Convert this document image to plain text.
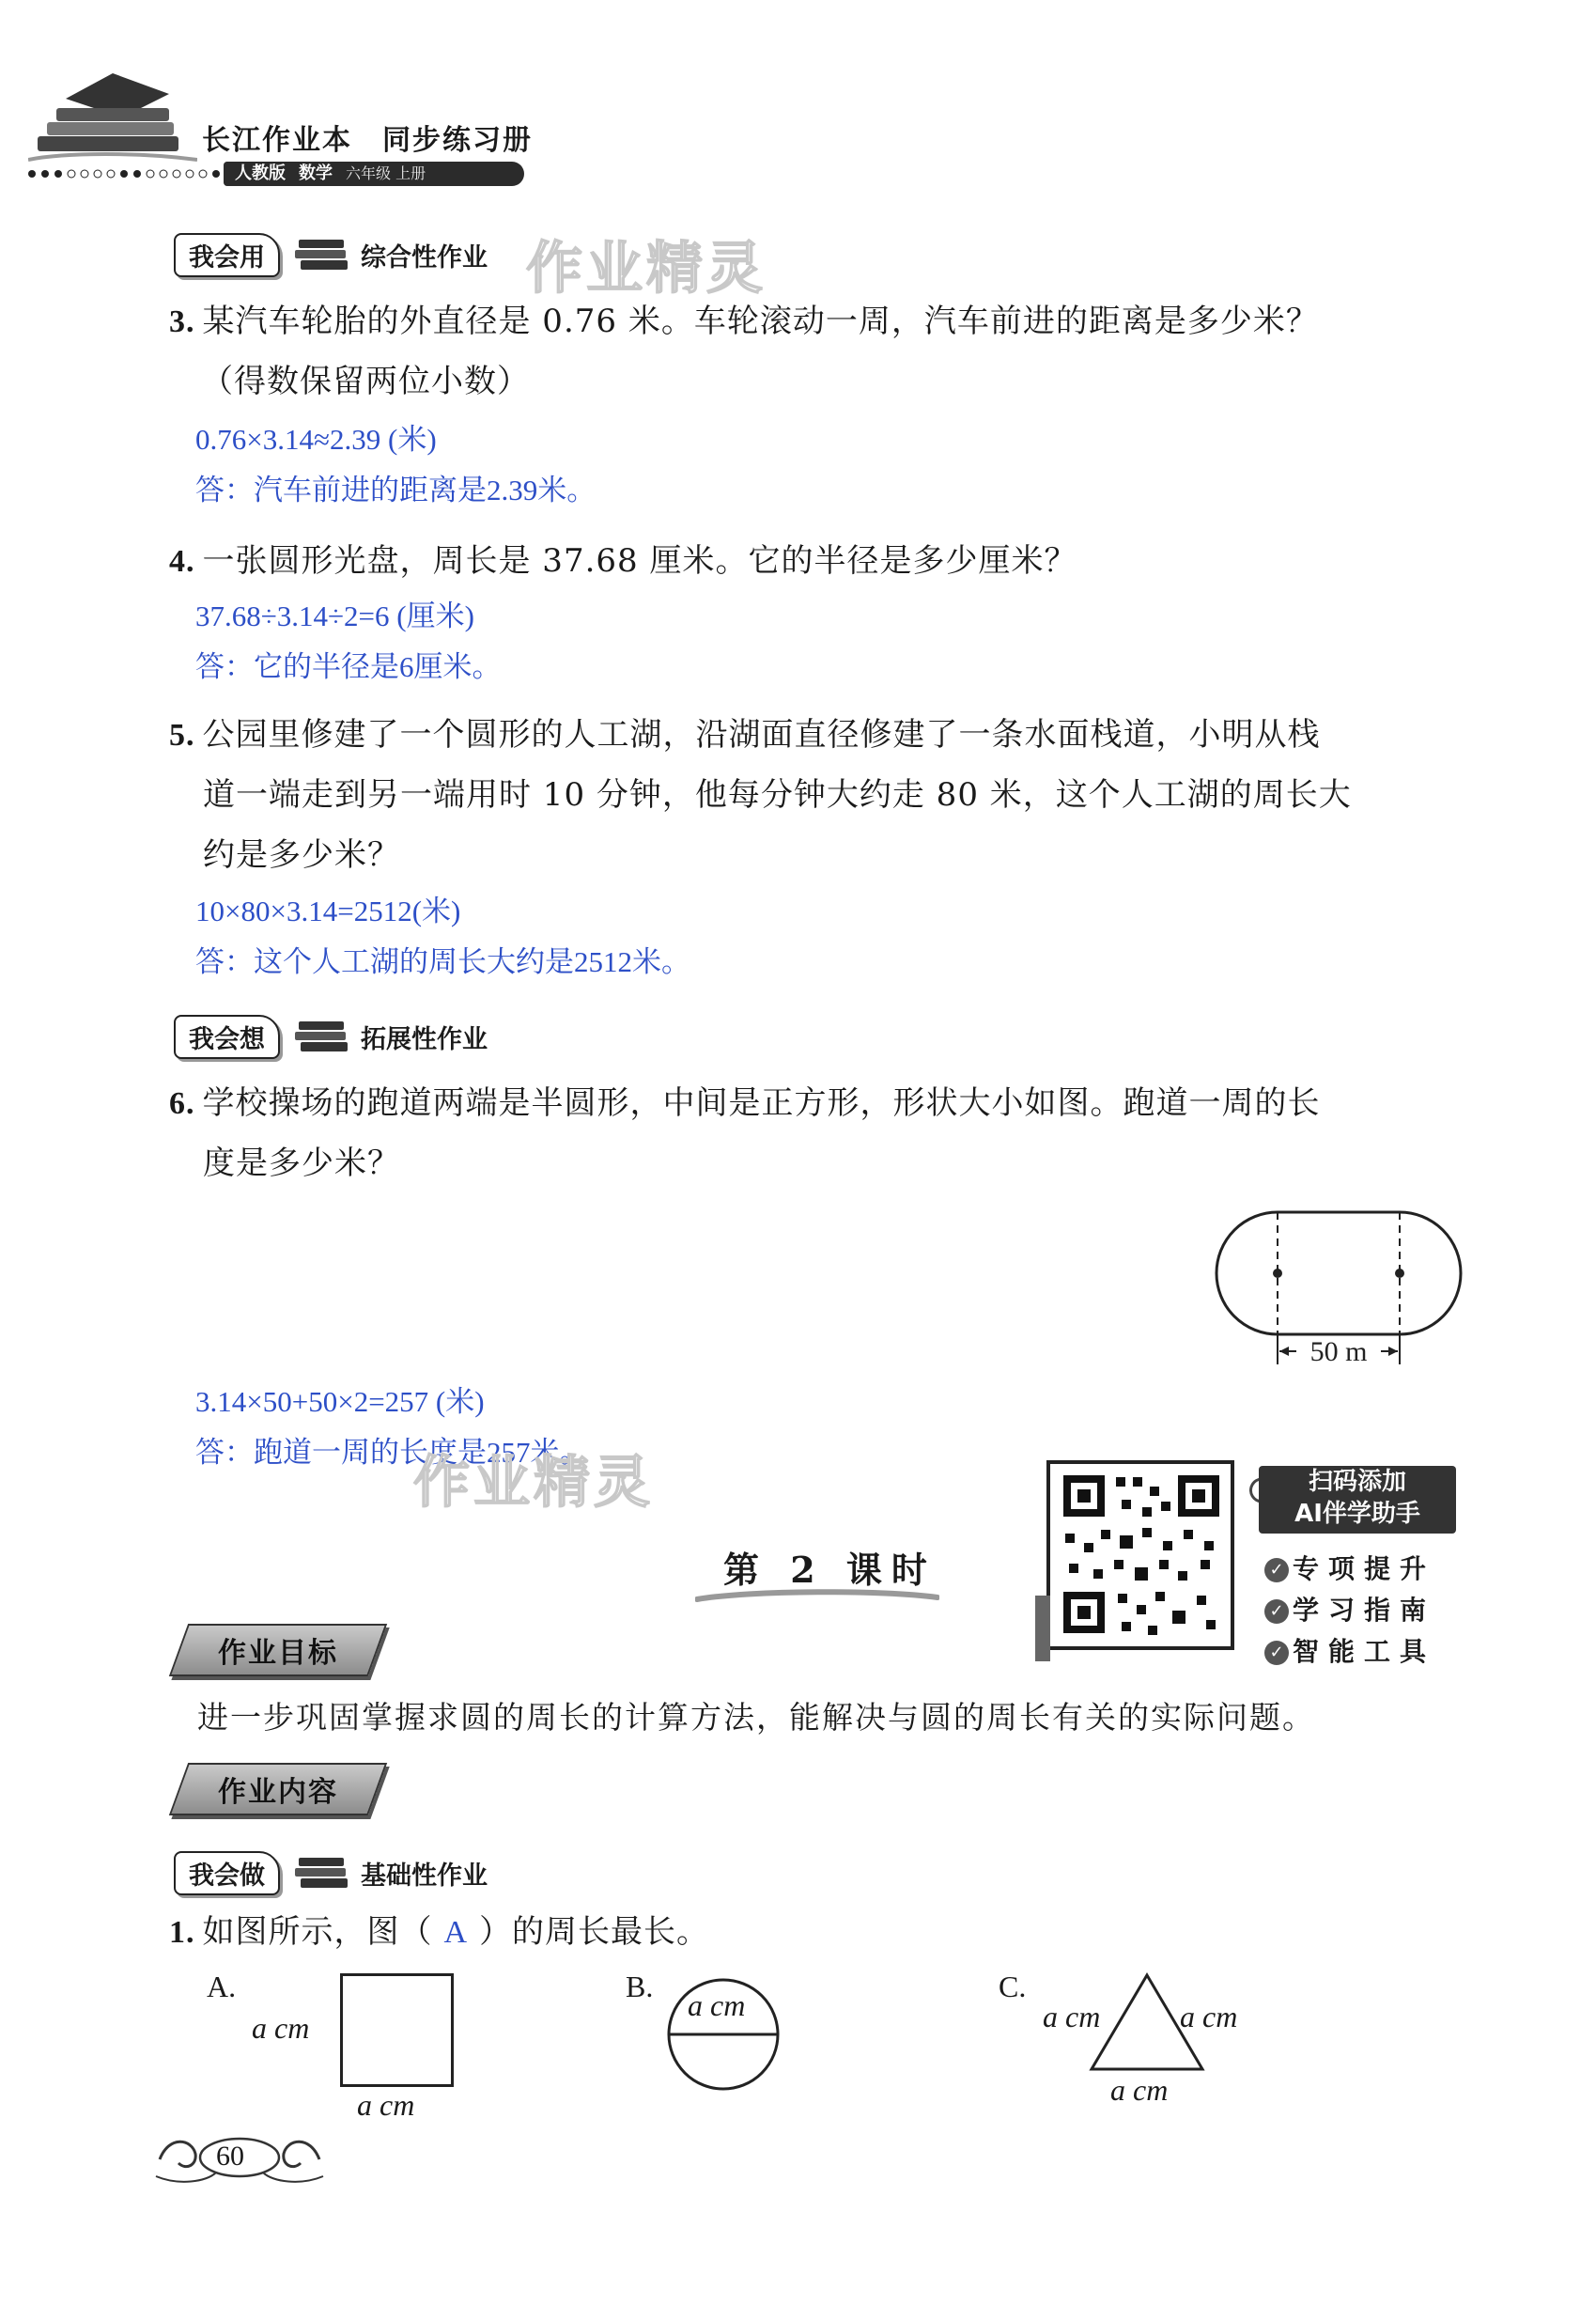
长江作业本　同步练习册
人教版 数学 六年级 上册
我会用	综合性作业 作业精灵
3. 某汽车轮胎的外直径是 0.76 米。车轮滚动一周，汽车前进的距离是多少米？
（得数保留两位小数）
0.76×3.14≈2.39 (米)
答：汽车前进的距离是2.39米。
4. 一张圆形光盘，周长是 37.68 厘米。它的半径是多少厘米？
37.68÷3.14÷2=6 (厘米)
答：它的半径是6厘米。
5. 公园里修建了一个圆形的人工湖，沿湖面直径修建了一条水面栈道，小明从栈
道一端走到另一端用时 10 分钟，他每分钟大约走 80 米，这个人工湖的周长大
约是多少米？
10×80×3.14=2512(米)
答：这个人工湖的周长大约是2512米。
我会想	拓展性作业
6. 学校操场的跑道两端是半圆形，中间是正方形，形状大小如图。跑道一周的长
度是多少米？
50 m
3.14×50+50×2=257 (米)
答：跑道一周的长度是257米。
作业精灵	扫码添加
AI伴学助手
✓ 专项提升
✓ 学习指南
✓ 智能工具
第 2 课时
作业目标
进一步巩固掌握求圆的周长的计算方法，能解决与圆的周长有关的实际问题。
作业内容
我会做	基础性作业
1. 如图所示，图（ A ）的周长最长。
A.
a cm
a cm
B.
a cm
C.
a cm	a cm
a cm
60
